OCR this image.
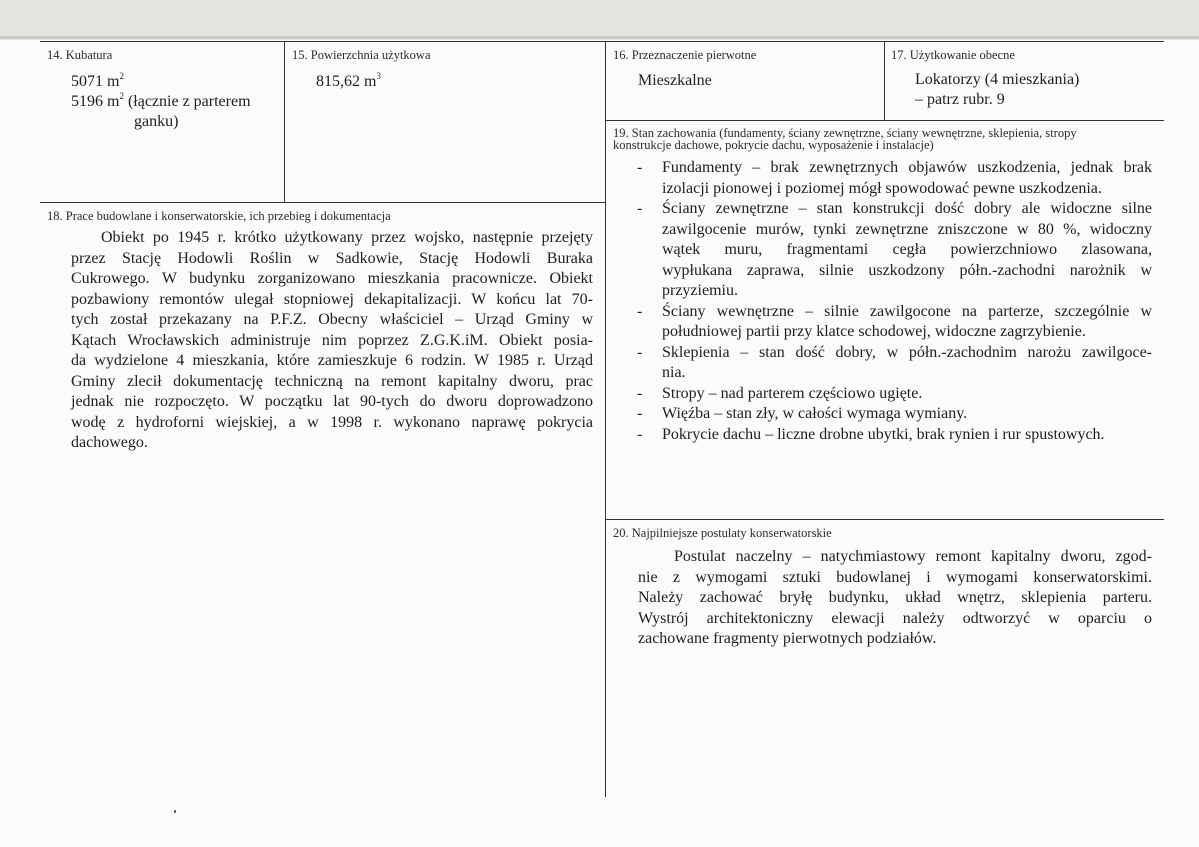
14. Kubatura
5071 $m^2$
5196 $m^2$ (łącznie z parterem
ganku)
15. Powierzchnia użytkowa
815,62 $m^3$
16. Przeznaczenie pierwotne
Mieszkalne
17. Użytkowanie obecne
Lokatorzy (4 mieszkania)
– patrz rubr. 9
18. Prace budowlane i konserwatorskie, ich przebieg i dokumentacja
Obiekt po 1945 r. krótko użytkowany przez wojsko, następnie przejęty
przez Stację Hodowli Roślin w Sadkowie, Stację Hodowli Buraka
Cukrowego. W budynku zorganizowano mieszkania pracownicze. Obiekt
pozbawiony remontów ulegał stopniowej dekapitalizacji. W końcu lat 70-
tych został przekazany na P.F.Z. Obecny właściciel – Urząd Gminy w
Kątach Wrocławskich administruje nim poprzez Z.G.K.iM. Obiekt posia-
da wydzielone 4 mieszkania, które zamieszkuje 6 rodzin. W 1985 r. Urząd
Gminy zlecił dokumentację techniczną na remont kapitalny dworu, prac
jednak nie rozpoczęto. W początku lat 90-tych do dworu doprowadzono
wodę z hydroforni wiejskiej, a w 1998 r. wykonano naprawę pokrycia
dachowego.
19. Stan zachowania (fundamenty, ściany zewnętrzne, ściany wewnętrzne, sklepienia, stropy
konstrukcje dachowe, pokrycie dachu, wyposażenie i instalacje)
- Fundamenty – brak zewnętrznych objawów uszkodzenia, jednak brak
izolacji pionowej i poziomej mógł spowodować pewne uszkodzenia.
- Ściany zewnętrzne – stan konstrukcji dość dobry ale widoczne silne
zawilgocenie murów, tynki zewnętrzne zniszczone w 80 %, widoczny
wątek muru, fragmentami cegła powierzchniowo zlasowana,
wypłukana zaprawa, silnie uszkodzony półn.-zachodni narożnik w
przyziemiu.
- Ściany wewnętrzne – silnie zawilgocone na parterze, szczególnie w
południowej partii przy klatce schodowej, widoczne zagrzybienie.
- Sklepienia – stan dość dobry, w półn.-zachodnim narożu zawilgoce-
nia.
- Stropy – nad parterem częściowo ugięte.
- Więźba – stan zły, w całości wymaga wymiany.
- Pokrycie dachu – liczne drobne ubytki, brak rynien i rur spustowych.
20. Najpilniejsze postulaty konserwatorskie
Postulat naczelny – natychmiastowy remont kapitalny dworu, zgod-
nie z wymogami sztuki budowlanej i wymogami konserwatorskimi.
Należy zachować bryłę budynku, układ wnętrz, sklepienia parteru.
Wystrój architektoniczny elewacji należy odtworzyć w oparciu o
zachowane fragmenty pierwotnych podziałów.
